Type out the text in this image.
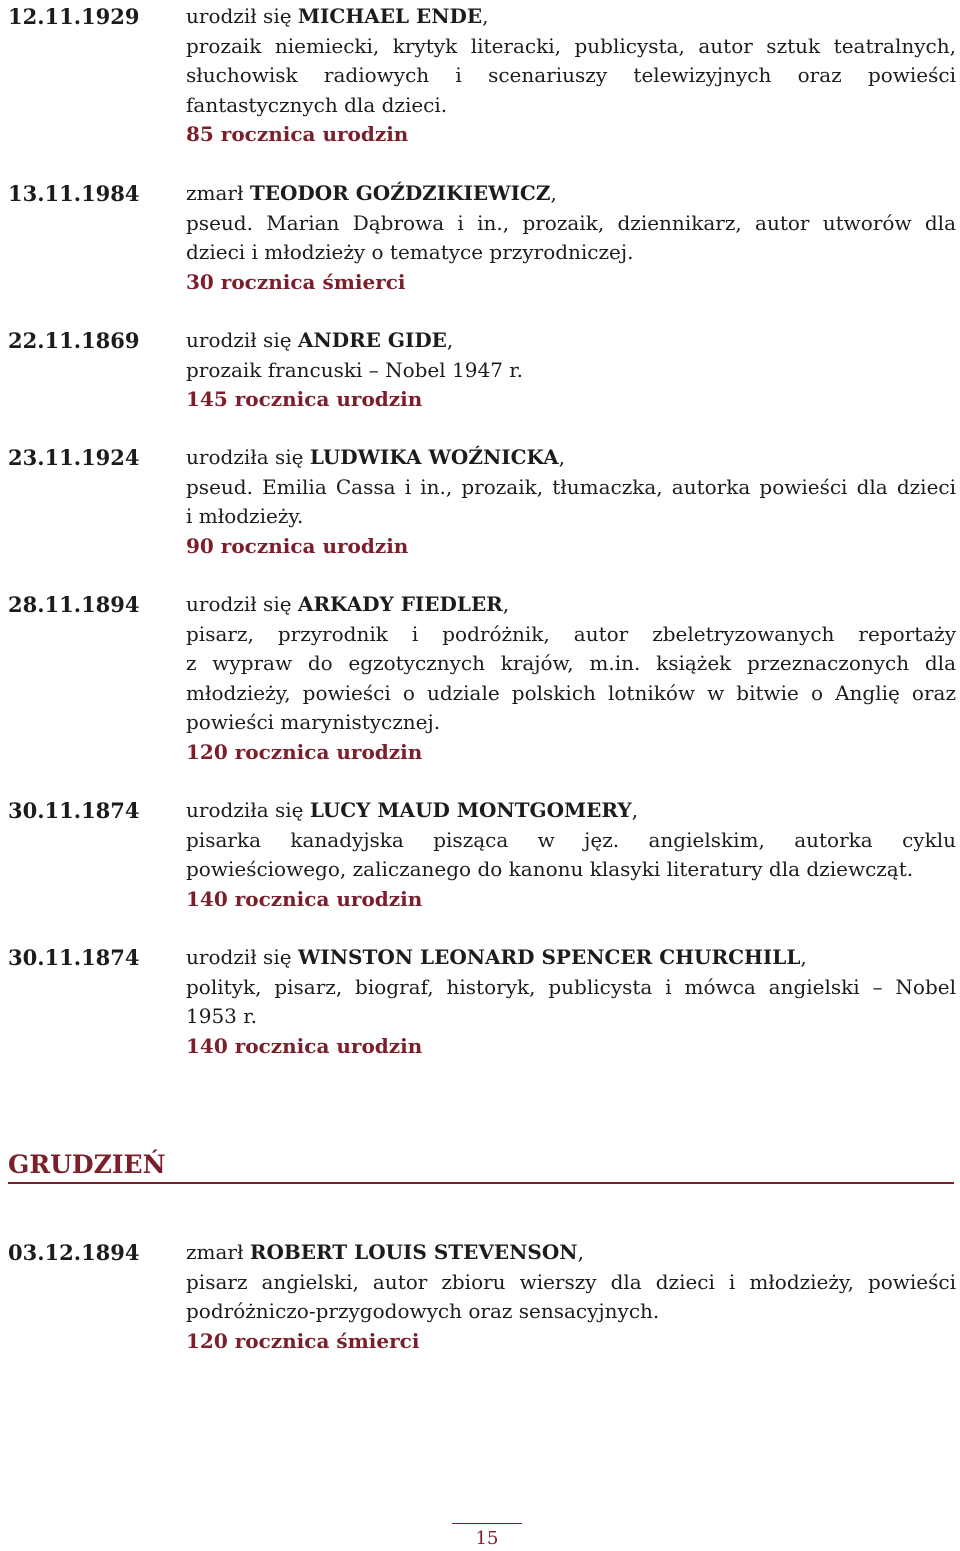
12.11.1929 urodził się MICHAEL ENDE,
prozaik niemiecki, krytyk literacki, publicysta, autor sztuk teatralnych,
słuchowisk radiowych i scenariuszy telewizyjnych oraz powieści
fantastycznych dla dzieci.
85 rocznica urodzin
13.11.1984 zmarł TEODOR GOŹDZIKIEWICZ,
pseud. Marian Dąbrowa i in., prozaik, dziennikarz, autor utworów dla
dzieci i młodzieży o tematyce przyrodniczej.
30 rocznica śmierci
22.11.1869 urodził się ANDRE GIDE,
prozaik francuski – Nobel 1947 r.
145 rocznica urodzin
23.11.1924 urodziła się LUDWIKA WOŹNICKA,
pseud. Emilia Cassa i in., prozaik, tłumaczka, autorka powieści dla dzieci
i młodzieży.
90 rocznica urodzin
28.11.1894 urodził się ARKADY FIEDLER,
pisarz, przyrodnik i podróżnik, autor zbeletryzowanych reportaży
z wypraw do egzotycznych krajów, m.in. książek przeznaczonych dla
młodzieży, powieści o udziale polskich lotników w bitwie o Anglię oraz
powieści marynistycznej.
120 rocznica urodzin
30.11.1874 urodziła się LUCY MAUD MONTGOMERY,
pisarka kanadyjska pisząca w jęz. angielskim, autorka cyklu
powieściowego, zaliczanego do kanonu klasyki literatury dla dziewcząt.
140 rocznica urodzin
30.11.1874 urodził się WINSTON LEONARD SPENCER CHURCHILL,
polityk, pisarz, biograf, historyk, publicysta i mówca angielski – Nobel
1953 r.
140 rocznica urodzin
GRUDZIEŃ
03.12.1894 zmarł ROBERT LOUIS STEVENSON,
pisarz angielski, autor zbioru wierszy dla dzieci i młodzieży, powieści
podróżniczo-przygodowych oraz sensacyjnych.
120 rocznica śmierci
15
